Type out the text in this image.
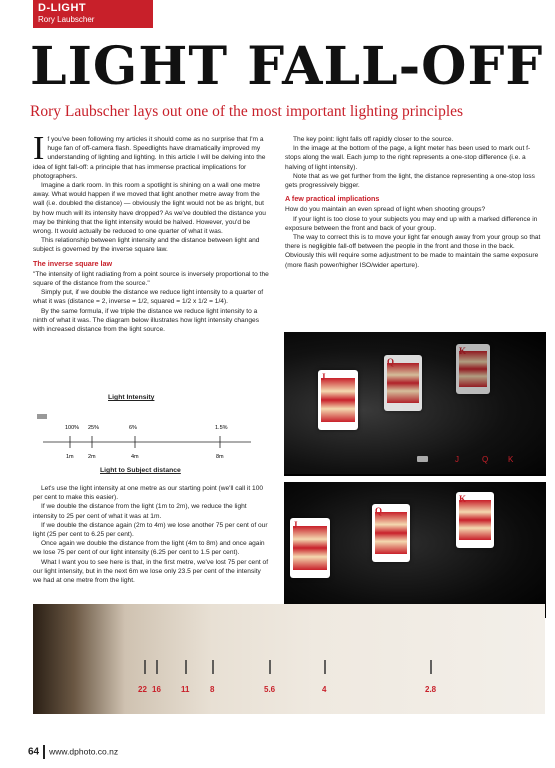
D-LIGHT
Rory Laubscher
LIGHT FALL-OFF
Rory Laubscher lays out one of the most important lighting principles
I f you've been following my articles it should come as no surprise that I'm a huge fan of off-camera flash. Speedlights have dramatically improved my understanding of lighting and lighting. In this article I will be delving into the idea of light fall-off: a principle that has immense practical implications for photographers.

Imagine a dark room. In this room a spotlight is shining on a wall one metre away. What would happen if we moved that light another metre away from the wall (i.e. doubled the distance) — obviously the light would not be as bright, but by how much will its intensity have dropped? As we've doubled the distance you may be thinking that the light intensity would be halved. However, you'd be wrong. It would actually be reduced to one quarter of what it was.

This relationship between light intensity and the distance between light and subject is governed by the inverse square law.

The inverse square law

"The intensity of light radiating from a point source is inversely proportional to the square of the distance from the source."

Simply put, if we double the distance we reduce light intensity to a quarter of what it was (distance = 2, inverse = 1/2, squared = 1/2 x 1/2 = 1/4).

By the same formula, if we triple the distance we reduce light intensity to a ninth of what it was. The diagram below illustrates how light intensity changes with increased distance from the light source.

Light Intensity
100% 25%	6%	1.5%
1m	2m	4m	8m
Light to Subject distance

Let's use the light intensity at one metre as our starting point (we'll call it 100 per cent to make this easier).

If we double the distance from the light (1m to 2m), we reduce the light intensity to 25 per cent of what it was at 1m.

If we double the distance again (2m to 4m) we lose another 75 per cent of our light (25 per cent to 6.25 per cent).

Once again we double the distance from the light (4m to 8m) and once again we lose 75 per cent of our light intensity (6.25 per cent to 1.5 per cent).

What I want you to see here is that, in the first metre, we've lost 75 per cent of our light intensity, but in the next 6m we lose only 23.5 per cent of the intensity we had at one metre from the light.

The key point: light falls off rapidly closer to the source.

In the image at the bottom of the page, a light meter has been used to mark out f-stops along the wall. Each jump to the right represents a one-stop difference (i.e. a halving of light intensity).

Note that as we get further from the light, the distance representing a one-stop loss gets progressively bigger.

A few practical implications

How do you maintain an even spread of light when shooting groups?

If your light is too close to your subjects you may end up with a marked difference in exposure between the front and back of your group.

The way to correct this is to move your light far enough away from your group so that there is negligible fall-off between the people in the front and those in the back. Obviously this will require some adjustment to be made to maintain the same exposure (more flash power/higher ISO/wider aperture).

J
Q
K
J	Q K
J
Q
K
22 16	11	8	5.6	4	2.8
64 www.dphoto.co.nz
